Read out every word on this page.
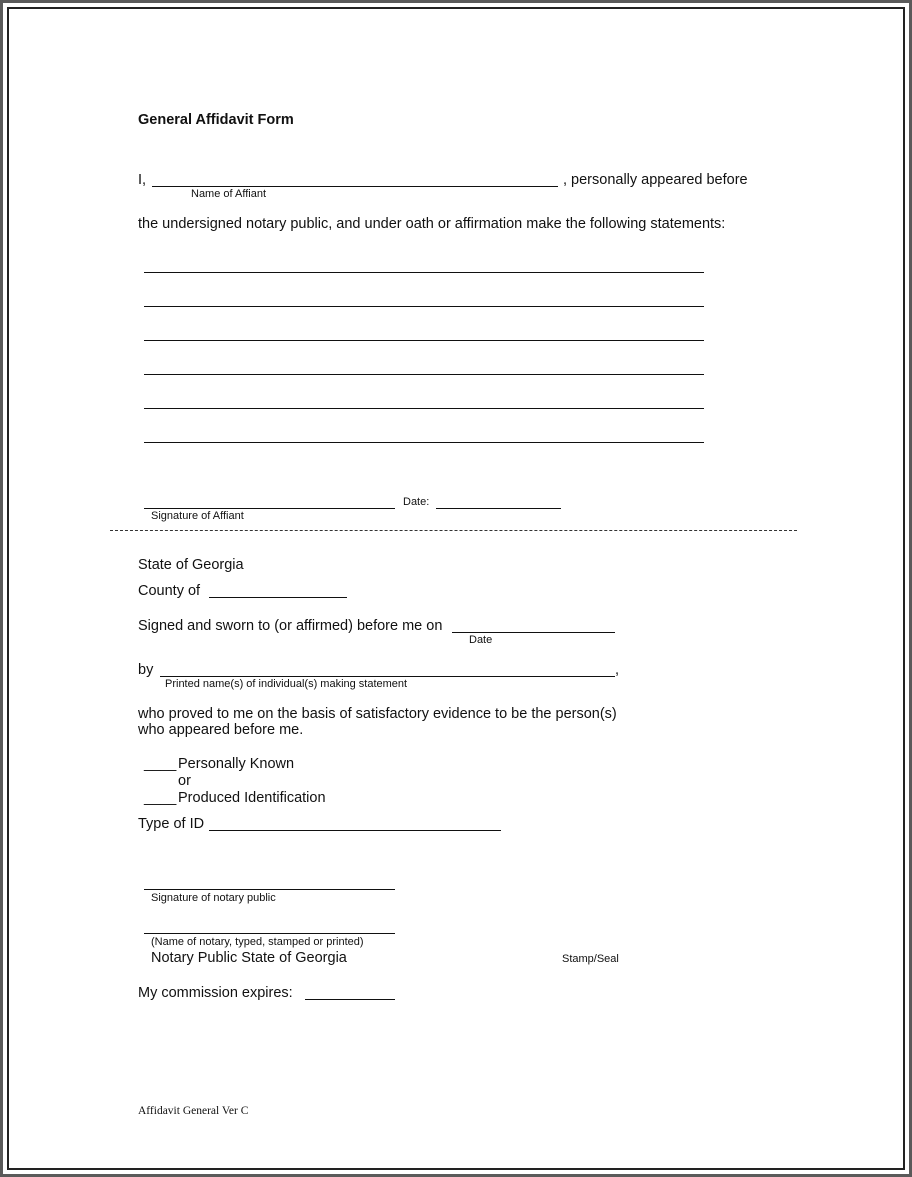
General Affidavit Form
I,	, personally appeared before
Name of Affiant
the undersigned notary public, and under oath or affirmation make the following statements:
Date:
Signature of Affiant
State of Georgia
County of
Signed and sworn to (or affirmed) before me on
Date
by	,
Printed name(s) of individual(s) making statement
who proved to me on the basis of satisfactory evidence to be the person(s)
who appeared before me.
____ Personally Known
or
____ Produced Identification
Type of ID
Signature of notary public
(Name of notary, typed, stamped or printed)
Notary Public State of Georgia	Stamp/Seal
My commission expires:
Affidavit General Ver C
